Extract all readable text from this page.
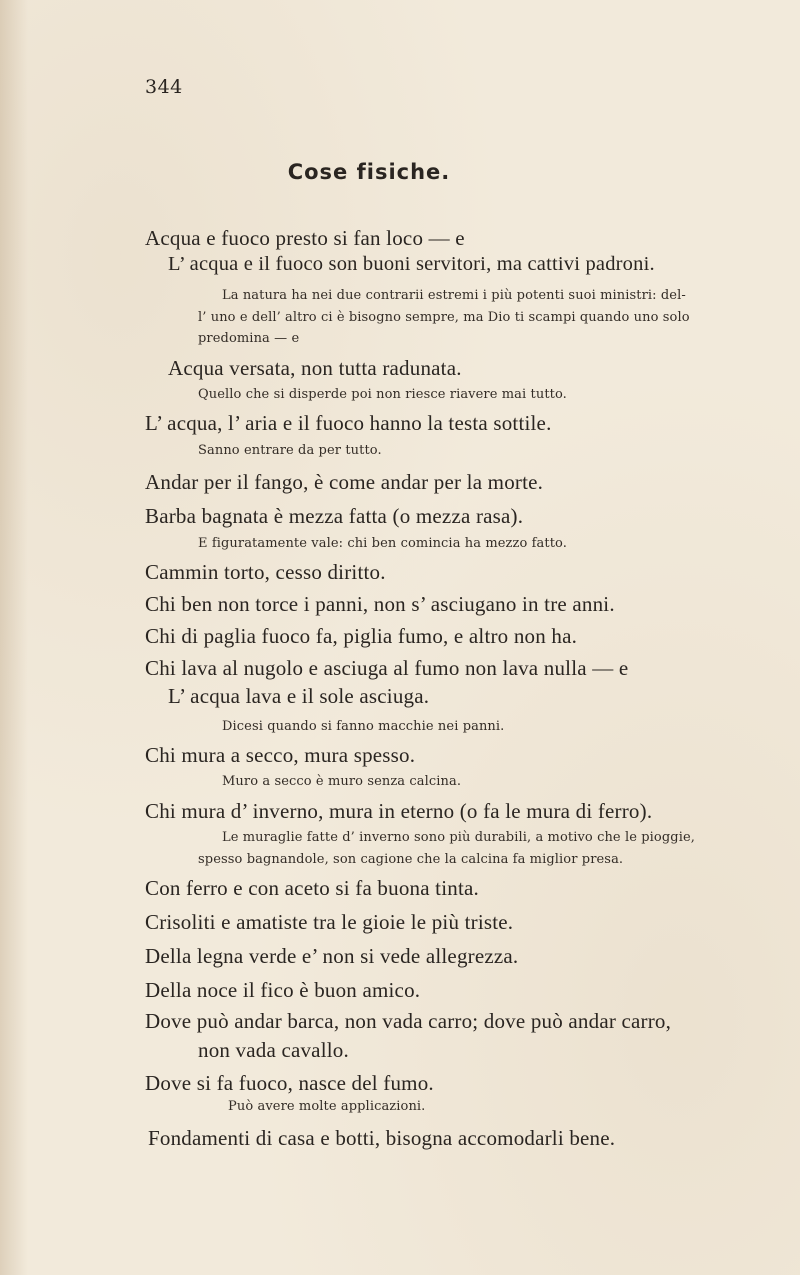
344
Cose fisiche.
Acqua e fuoco presto si fan loco — e
L’ acqua e il fuoco son buoni servitori, ma cattivi padroni.
La natura ha nei due contrarii estremi i più potenti suoi ministri: del-
l’ uno e dell’ altro ci è bisogno sempre, ma Dio ti scampi quando uno solo
predomina — e
Acqua versata, non tutta radunata.
Quello che si disperde poi non riesce riavere mai tutto.
L’ acqua, l’ aria e il fuoco hanno la testa sottile.
Sanno entrare da per tutto.
Andar per il fango, è come andar per la morte.
Barba bagnata è mezza fatta (o mezza rasa).
E figuratamente vale: chi ben comincia ha mezzo fatto.
Cammin torto, cesso diritto.
Chi ben non torce i panni, non s’ asciugano in tre anni.
Chi di paglia fuoco fa, piglia fumo, e altro non ha.
Chi lava al nugolo e asciuga al fumo non lava nulla — e
L’ acqua lava e il sole asciuga.
Dicesi quando si fanno macchie nei panni.
Chi mura a secco, mura spesso.
Muro a secco è muro senza calcina.
Chi mura d’ inverno, mura in eterno (o fa le mura di ferro).
Le muraglie fatte d’ inverno sono più durabili, a motivo che le pioggie,
spesso bagnandole, son cagione che la calcina fa miglior presa.
Con ferro e con aceto si fa buona tinta.
Crisoliti e amatiste tra le gioie le più triste.
Della legna verde e’ non si vede allegrezza.
Della noce il fico è buon amico.
Dove può andar barca, non vada carro; dove può andar carro,
non vada cavallo.
Dove si fa fuoco, nasce del fumo.
Può avere molte applicazioni.
Fondamenti di casa e botti, bisogna accomodarli bene.
